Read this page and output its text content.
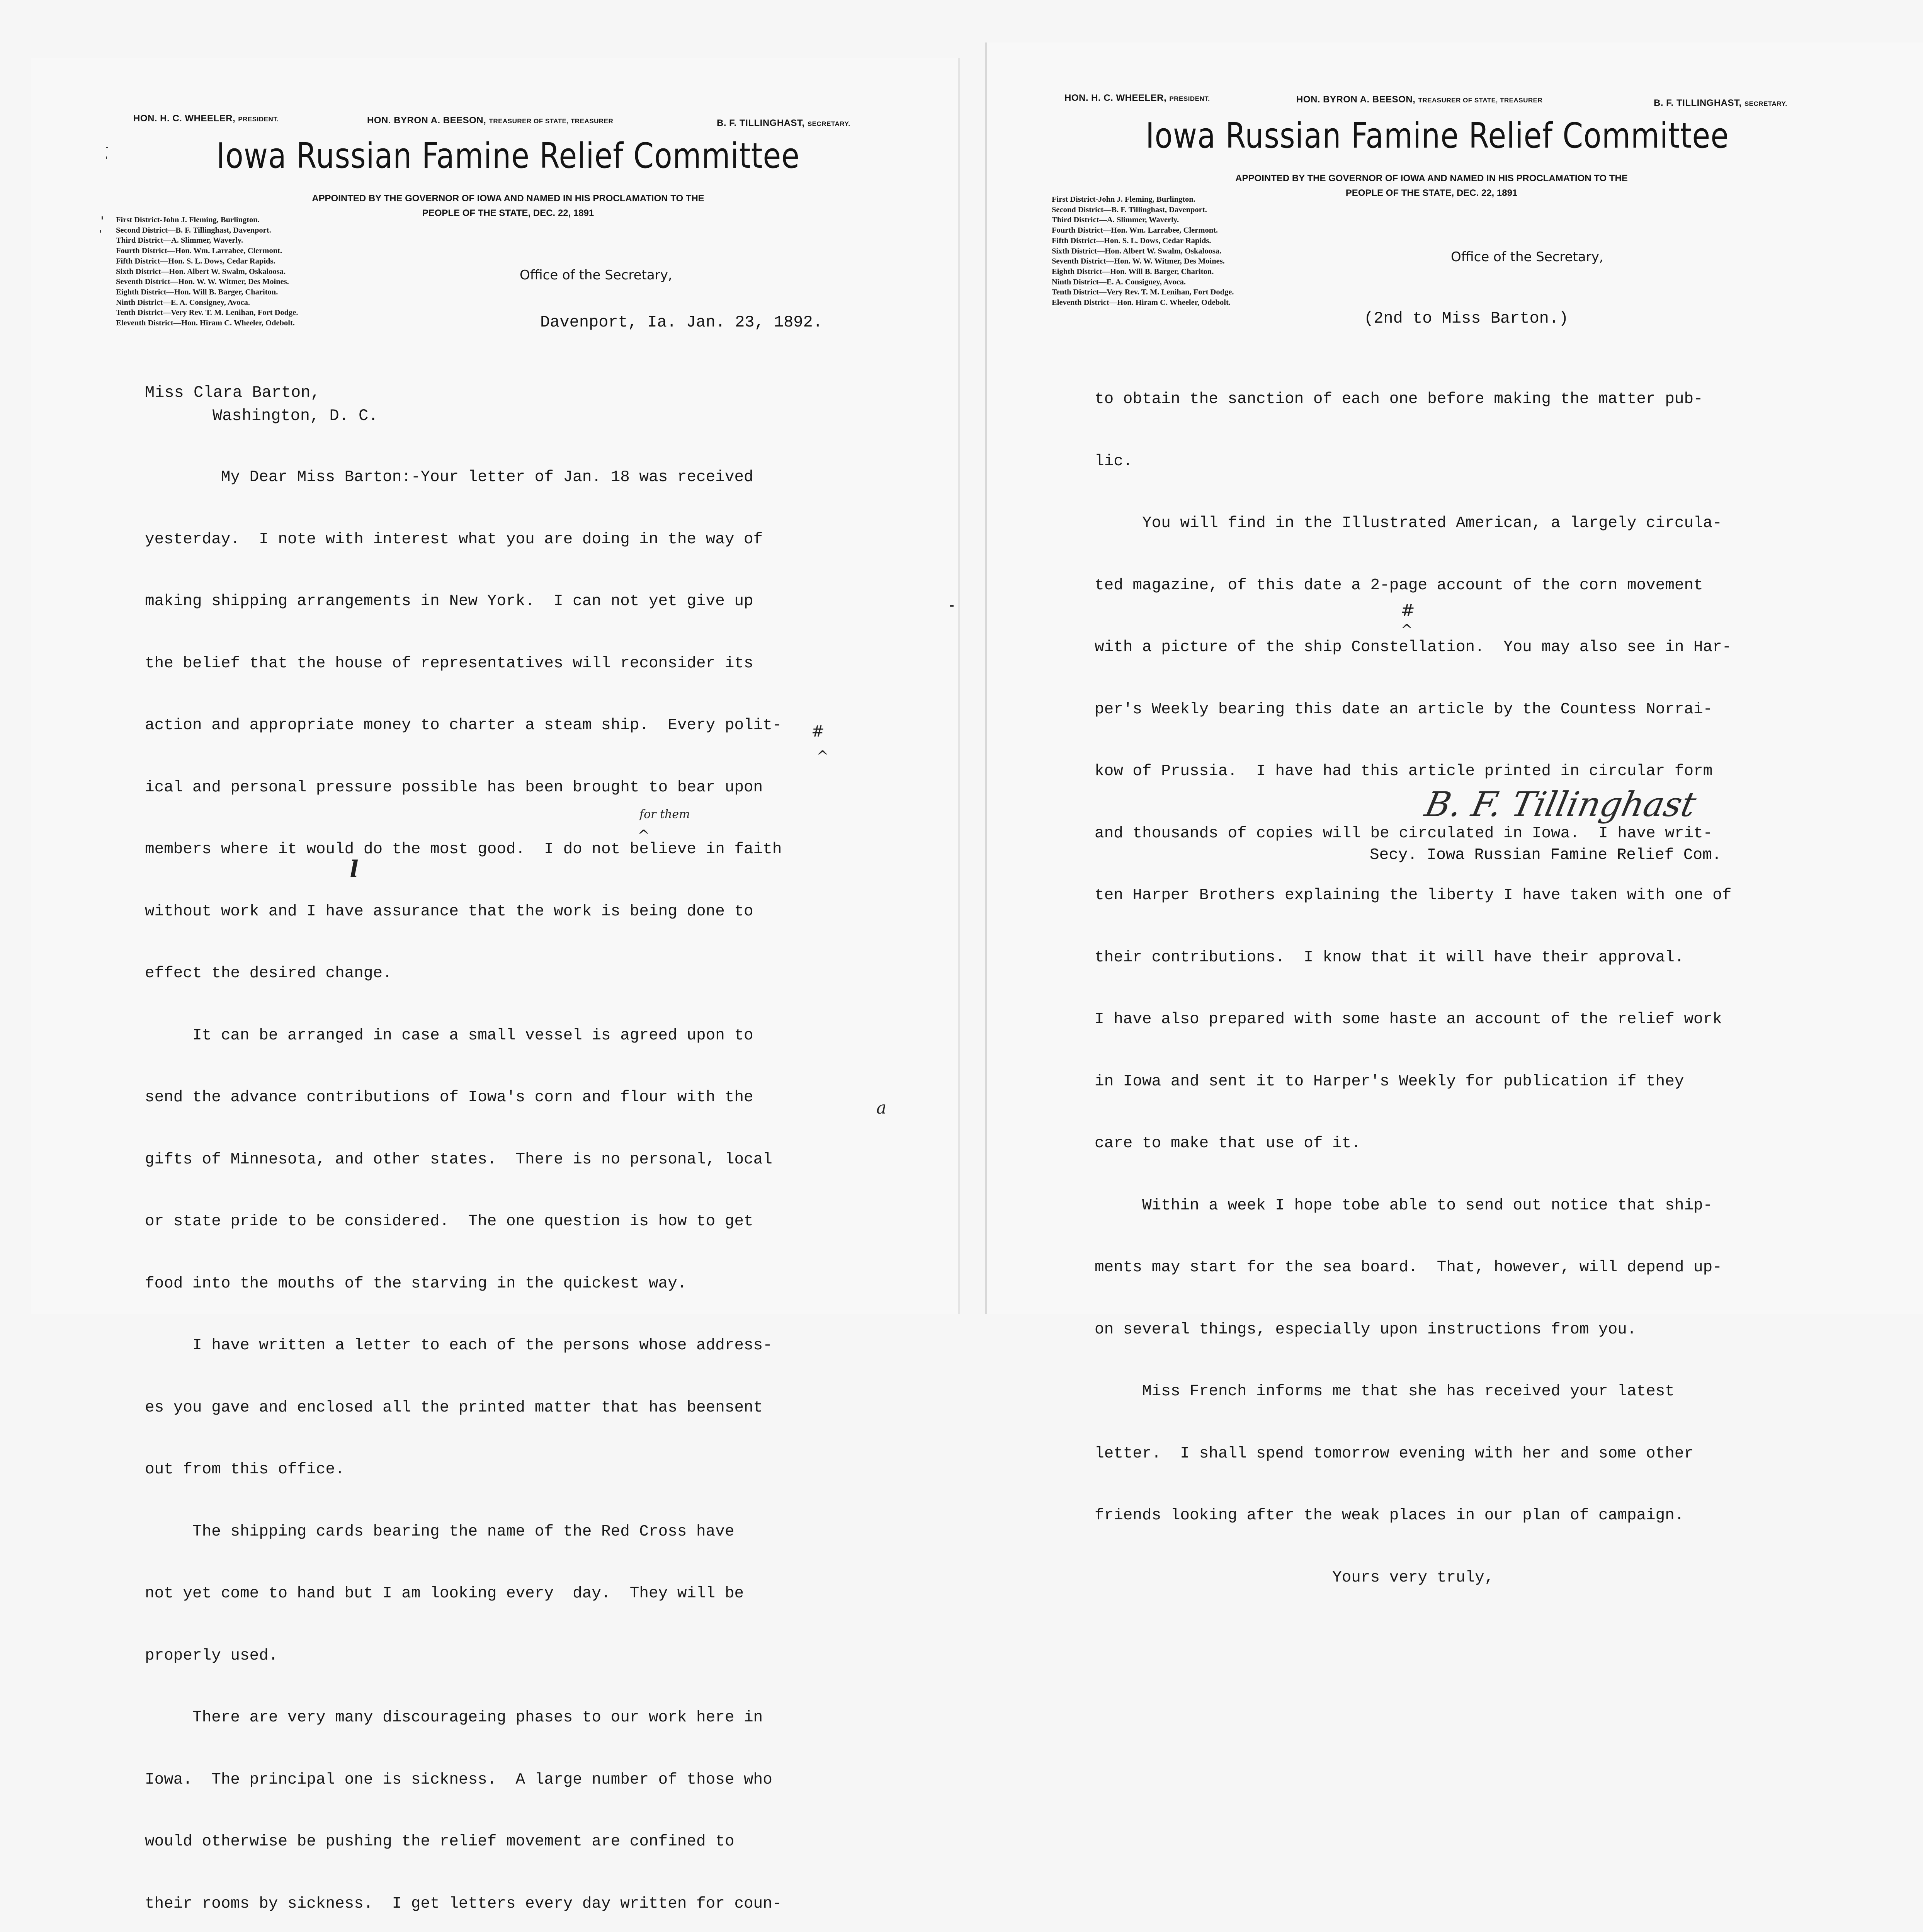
HON. H. C. WHEELER, PRESIDENT.	HON. BYRON A. BEESON, TREASURER OF STATE, TREASURER	B. F. TILLINGHAST, SECRETARY.
Iowa Russian Famine Relief Committee
APPOINTED BY THE GOVERNOR OF IOWA AND NAMED IN HIS PROCLAMATION TO THE
PEOPLE OF THE STATE, DEC. 22, 1891
First District-John J. Fleming, Burlington.
Second District—B. F. Tillinghast, Davenport.
Third District—A. Slimmer, Waverly.
Fourth District—Hon. Wm. Larrabee, Clermont.
Fifth District—Hon. S. L. Dows, Cedar Rapids.
Sixth District—Hon. Albert W. Swalm, Oskaloosa.
Seventh District—Hon. W. W. Witmer, Des Moines.
Eighth District—Hon. Will B. Barger, Chariton.
Ninth District—E. A. Consigney, Avoca.
Tenth District—Very Rev. T. M. Lenihan, Fort Dodge.
Eleventh District—Hon. Hiram C. Wheeler, Odebolt.
Office of the Secretary,
Davenport, Ia. Jan. 23, 1892.
Miss Clara Barton,
Washington, D. C.

My Dear Miss Barton:-Your letter of Jan. 18 was received

yesterday.  I note with interest what you are doing in the way of

making shipping arrangements in New York.  I can not yet give up

the belief that the house of representatives will reconsider its

action and appropriate money to charter a steam ship.  Every polit-

ical and personal pressure possible has been brought to bear upon

members where it would do the most good.  I do not believe in faith

without work and I have assurance that the work is being done to

effect the desired change.

It can be arranged in case a small vessel is agreed upon to

send the advance contributions of Iowa's corn and flour with the

gifts of Minnesota, and other states.  There is no personal, local

or state pride to be considered.  The one question is how to get

food into the mouths of the starving in the quickest way.

I have written a letter to each of the persons whose address-

es you gave and enclosed all the printed matter that has beensent

out from this office.

The shipping cards bearing the name of the Red Cross have

not yet come to hand but I am looking every  day.  They will be

properly used.

There are very many discourageing phases to our work here in

Iowa.  The principal one is sickness.  A large number of those who

would otherwise be pushing the relief movement are confined to

their rooms by sickness.  I get letters every day written for coun-

#
^
for them
^
l
a
HON. H. C. WHEELER, PRESIDENT.	HON. BYRON A. BEESON, TREASURER OF STATE, TREASURER	B. F. TILLINGHAST, SECRETARY.
Iowa Russian Famine Relief Committee
APPOINTED BY THE GOVERNOR OF IOWA AND NAMED IN HIS PROCLAMATION TO THE
PEOPLE OF THE STATE, DEC. 22, 1891
First District-John J. Fleming, Burlington.
Second District—B. F. Tillinghast, Davenport.
Third District—A. Slimmer, Waverly.
Fourth District—Hon. Wm. Larrabee, Clermont.
Fifth District—Hon. S. L. Dows, Cedar Rapids.
Sixth District—Hon. Albert W. Swalm, Oskaloosa.
Seventh District—Hon. W. W. Witmer, Des Moines.
Eighth District—Hon. Will B. Barger, Chariton.
Ninth District—E. A. Consigney, Avoca.
Tenth District—Very Rev. T. M. Lenihan, Fort Dodge.
Eleventh District—Hon. Hiram C. Wheeler, Odebolt.
Office of the Secretary,
(2nd to Miss Barton.)

to obtain the sanction of each one before making the matter pub-

lic.

You will find in the Illustrated American, a largely circula-

ted magazine, of this date a 2-page account of the corn movement

with a picture of the ship Constellation.  You may also see in Har-

per's Weekly bearing this date an article by the Countess Norrai-

kow of Prussia.  I have had this article printed in circular form

and thousands of copies will be circulated in Iowa.  I have writ-

ten Harper Brothers explaining the liberty I have taken with one of

their contributions.  I know that it will have their approval.

I have also prepared with some haste an account of the relief work

in Iowa and sent it to Harper's Weekly for publication if they

care to make that use of it.

Within a week I hope tobe able to send out notice that ship-

ments may start for the sea board.  That, however, will depend up-

on several things, especially upon instructions from you.

Miss French informs me that she has received your latest

letter.  I shall spend tomorrow evening with her and some other

friends looking after the weak places in our plan of campaign.

Yours very truly,

#
^
B. F. Tillinghast
Secy. Iowa Russian Famine Relief Com.
